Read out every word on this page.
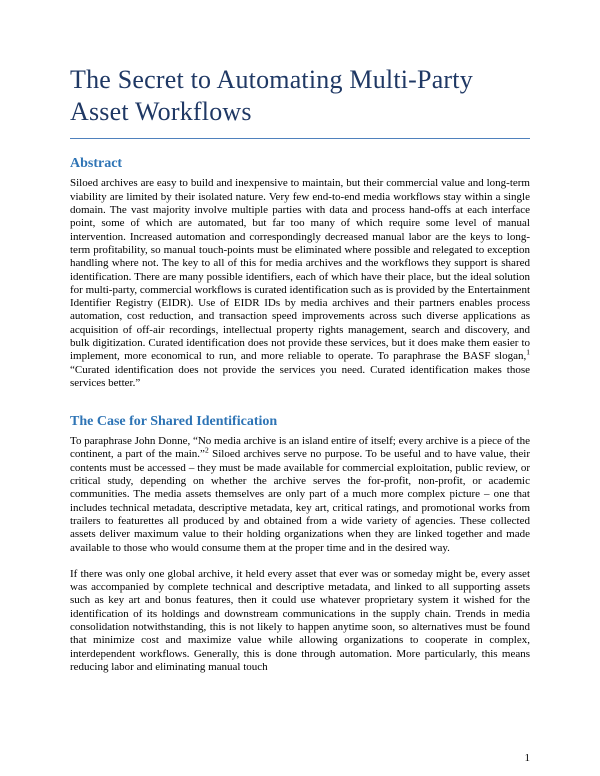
The Secret to Automating Multi-Party Asset Workflows
Abstract

Siloed archives are easy to build and inexpensive to maintain, but their commercial value and long-term viability are limited by their isolated nature. Very few end-to-end media workflows stay within a single domain. The vast majority involve multiple parties with data and process hand-offs at each interface point, some of which are automated, but far too many of which require some level of manual intervention. Increased automation and correspondingly decreased manual labor are the keys to long-term profitability, so manual touch-points must be eliminated where possible and relegated to exception handling where not. The key to all of this for media archives and the workflows they support is shared identification. There are many possible identifiers, each of which have their place, but the ideal solution for multi-party, commercial workflows is curated identification such as is provided by the Entertainment Identifier Registry (EIDR). Use of EIDR IDs by media archives and their partners enables process automation, cost reduction, and transaction speed improvements across such diverse applications as acquisition of off-air recordings, intellectual property rights management, search and discovery, and bulk digitization. Curated identification does not provide these services, but it does make them easier to implement, more economical to run, and more reliable to operate. To paraphrase the BASF slogan,$^1$ “Curated identification does not provide the services you need. Curated identification makes those services better.”

The Case for Shared Identification

To paraphrase John Donne, “No media archive is an island entire of itself; every archive is a piece of the continent, a part of the main.”$^2$ Siloed archives serve no purpose. To be useful and to have value, their contents must be accessed – they must be made available for commercial exploitation, public review, or critical study, depending on whether the archive serves the for-profit, non-profit, or academic communities. The media assets themselves are only part of a much more complex picture – one that includes technical metadata, descriptive metadata, key art, critical ratings, and promotional works from trailers to featurettes all produced by and obtained from a wide variety of agencies. These collected assets deliver maximum value to their holding organizations when they are linked together and made available to those who would consume them at the proper time and in the desired way.

If there was only one global archive, it held every asset that ever was or someday might be, every asset was accompanied by complete technical and descriptive metadata, and linked to all supporting assets such as key art and bonus features, then it could use whatever proprietary system it wished for the identification of its holdings and downstream communications in the supply chain. Trends in media consolidation notwithstanding, this is not likely to happen anytime soon, so alternatives must be found that minimize cost and maximize value while allowing organizations to cooperate in complex, interdependent workflows. Generally, this is done through automation. More particularly, this means reducing labor and eliminating manual touch

1
